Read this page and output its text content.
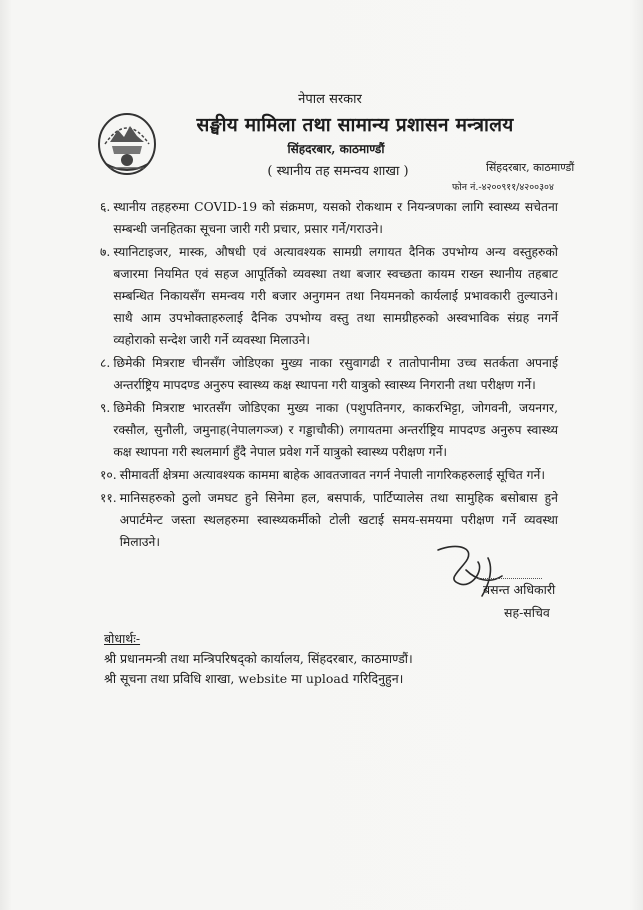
नेपाल सरकार
सङ्घीय मामिला तथा सामान्य प्रशासन मन्त्रालय
सिंहदरबार, काठमाण्डौं
( स्थानीय तह समन्वय शाखा )	सिंहदरबार, काठमाण्डौं
फोन नं.-४२००९११/४२००३०४
६. स्थानीय तहहरुमा COVID-19 को संक्रमण, यसको रोकथाम र नियन्त्रणका लागि स्वास्थ्य सचेतना सम्बन्धी जनहितका सूचना जारी गरी प्रचार, प्रसार गर्ने/गराउने।
७. स्यानिटाइजर, मास्क, औषधी एवं अत्यावश्यक सामग्री लगायत दैनिक उपभोग्य अन्य वस्तुहरुको बजारमा नियमित एवं सहज आपूर्तिको व्यवस्था तथा बजार स्वच्छता कायम राख्न स्थानीय तहबाट सम्बन्धित निकायसँग समन्वय गरी बजार अनुगमन तथा नियमनको कार्यलाई प्रभावकारी तुल्याउने। साथै आम उपभोक्ताहरुलाई दैनिक उपभोग्य वस्तु तथा सामग्रीहरुको अस्वभाविक संग्रह नगर्ने व्यहोराको सन्देश जारी गर्ने व्यवस्था मिलाउने।
८. छिमेकी मित्रराष्ट चीनसँग जोडिएका मुख्य नाका रसुवागढी र तातोपानीमा उच्च सतर्कता अपनाई अन्तर्राष्ट्रिय मापदण्ड अनुरुप स्वास्थ्य कक्ष स्थापना गरी यात्रुको स्वास्थ्य निगरानी तथा परीक्षण गर्ने।
९. छिमेकी मित्रराष्ट भारतसँग जोडिएका मुख्य नाका (पशुपतिनगर, काकरभिट्टा, जोगवनी, जयनगर, रक्सौल, सुनौली, जमुनाह(नेपालगञ्ज) र गड्डाचौकी) लगायतमा अन्तर्राष्ट्रिय मापदण्ड अनुरुप स्वास्थ्य कक्ष स्थापना गरी स्थलमार्ग हुँदै नेपाल प्रवेश गर्ने यात्रुको स्वास्थ्य परीक्षण गर्ने।
१०. सीमावर्ती क्षेत्रमा अत्यावश्यक काममा बाहेक आवतजावत नगर्न नेपाली नागरिकहरुलाई सूचित गर्ने।
११. मानिसहरुको ठुलो जमघट हुने सिनेमा हल, बसपार्क, पार्टिप्यालेस तथा सामुहिक बसोबास हुने अपार्टमेन्ट जस्ता स्थलहरुमा स्वास्थ्यकर्मीको टोली खटाई समय-समयमा परीक्षण गर्ने व्यवस्था मिलाउने।
बसन्त अधिकारी
सह-सचिव
बोधार्थः-
श्री प्रधानमन्त्री तथा मन्त्रिपरिषद्को कार्यालय, सिंहदरबार, काठमाण्डौं।
श्री सूचना तथा प्रविधि शाखा, website मा upload गरिदिनुहुन।
